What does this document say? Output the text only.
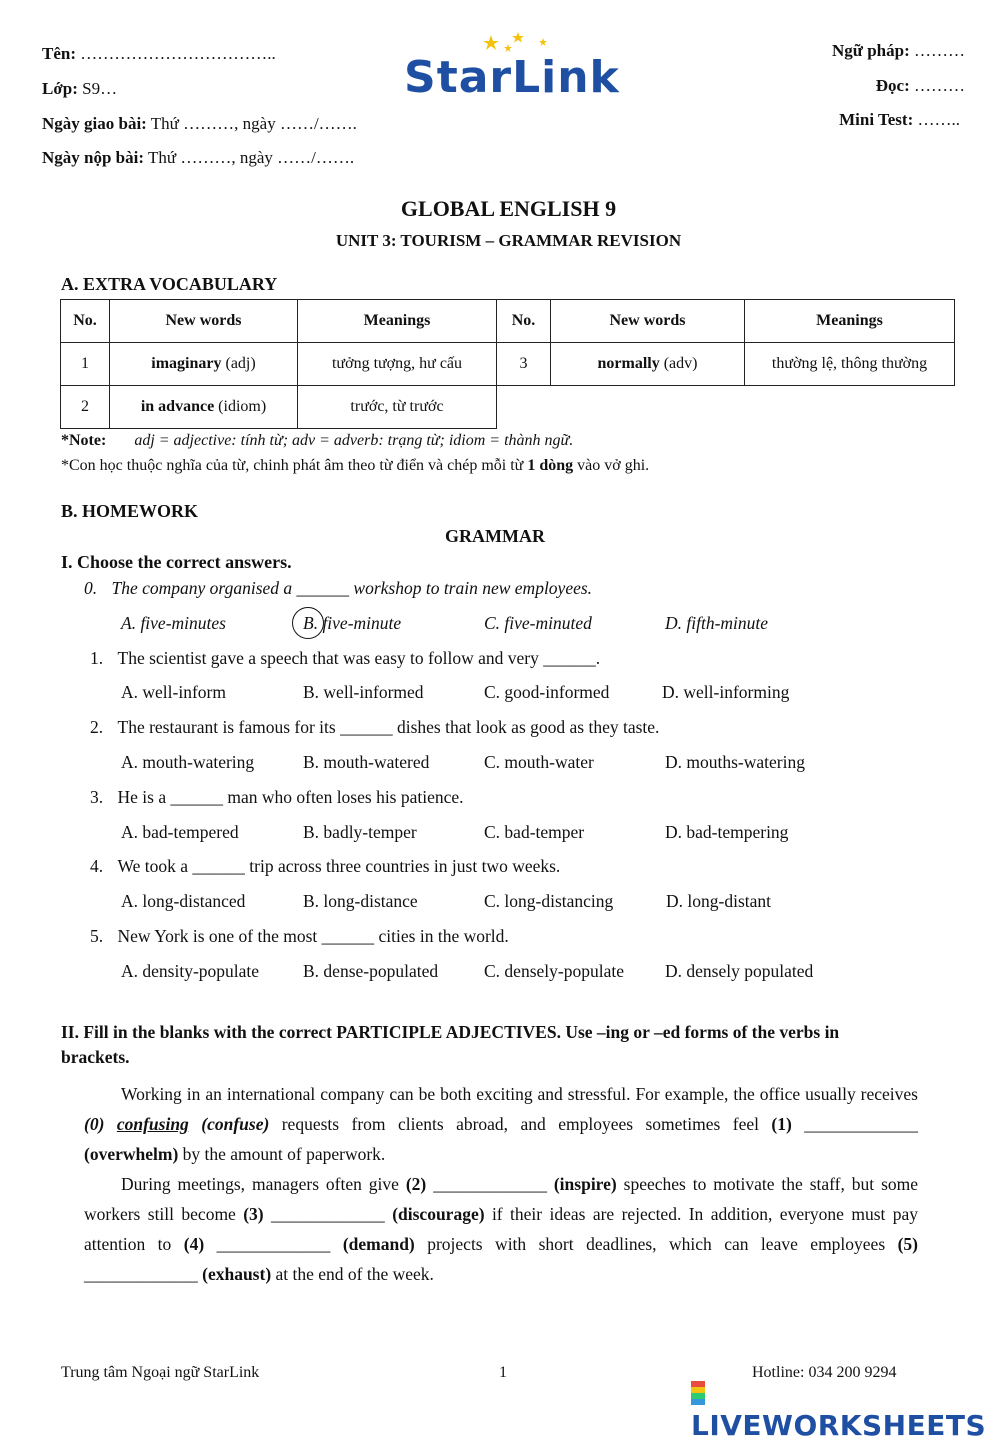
Tên: ……………………………..
Lớp: S9…
Ngày giao bài: Thứ ………, ngày ……/…….
Ngày nộp bài: Thứ ………, ngày ……/…….
StarLink
Ngữ pháp: ………
Đọc: ………
Mini Test: ……..
GLOBAL ENGLISH 9
UNIT 3: TOURISM – GRAMMAR REVISION
A. EXTRA VOCABULARY
No.	New words	Meanings	No.	New words	Meanings
1	imaginary (adj)	tưởng tượng, hư cấu	3	normally (adv)	thường lệ, thông thường
2	in advance (idiom)	trước, từ trước			
*Note: adj = adjective: tính từ; adv = adverb: trạng từ; idiom = thành ngữ.
*Con học thuộc nghĩa của từ, chinh phát âm theo từ điển và chép mỗi từ 1 dòng vào vở ghi.
B. HOMEWORK
GRAMMAR
I. Choose the correct answers.
0. The company organised a ______ workshop to train new employees.
A. five-minutes	B. five-minute	C. five-minuted	D. fifth-minute
1. The scientist gave a speech that was easy to follow and very ______.
A. well-inform	B. well-informed	C. good-informed	D. well-informing
2. The restaurant is famous for its ______ dishes that look as good as they taste.
A. mouth-watering	B. mouth-watered	C. mouth-water	D. mouths-watering
3. He is a ______ man who often loses his patience.
A. bad-tempered	B. badly-temper	C. bad-temper	D. bad-tempering
4. We took a ______ trip across three countries in just two weeks.
A. long-distanced	B. long-distance	C. long-distancing	D. long-distant
5. New York is one of the most ______ cities in the world.
A. density-populate	B. dense-populated	C. densely-populate D. densely populated
II. Fill in the blanks with the correct PARTICIPLE ADJECTIVES. Use –ing or –ed forms of the verbs in brackets.

Working in an international company can be both exciting and stressful. For example, the office usually receives (0) confusing (confuse) requests from clients abroad, and employees sometimes feel (1) _____________ (overwhelm) by the amount of paperwork.

During meetings, managers often give (2) _____________ (inspire) speeches to motivate the staff, but some workers still become (3) _____________ (discourage) if their ideas are rejected. In addition, everyone must pay attention to (4) _____________ (demand) projects with short deadlines, which can leave employees (5) _____________ (exhaust) at the end of the week.

Trung tâm Ngoại ngữ StarLink	1	Hotline: 034 200 9294
LIVEWORKSHEETS
